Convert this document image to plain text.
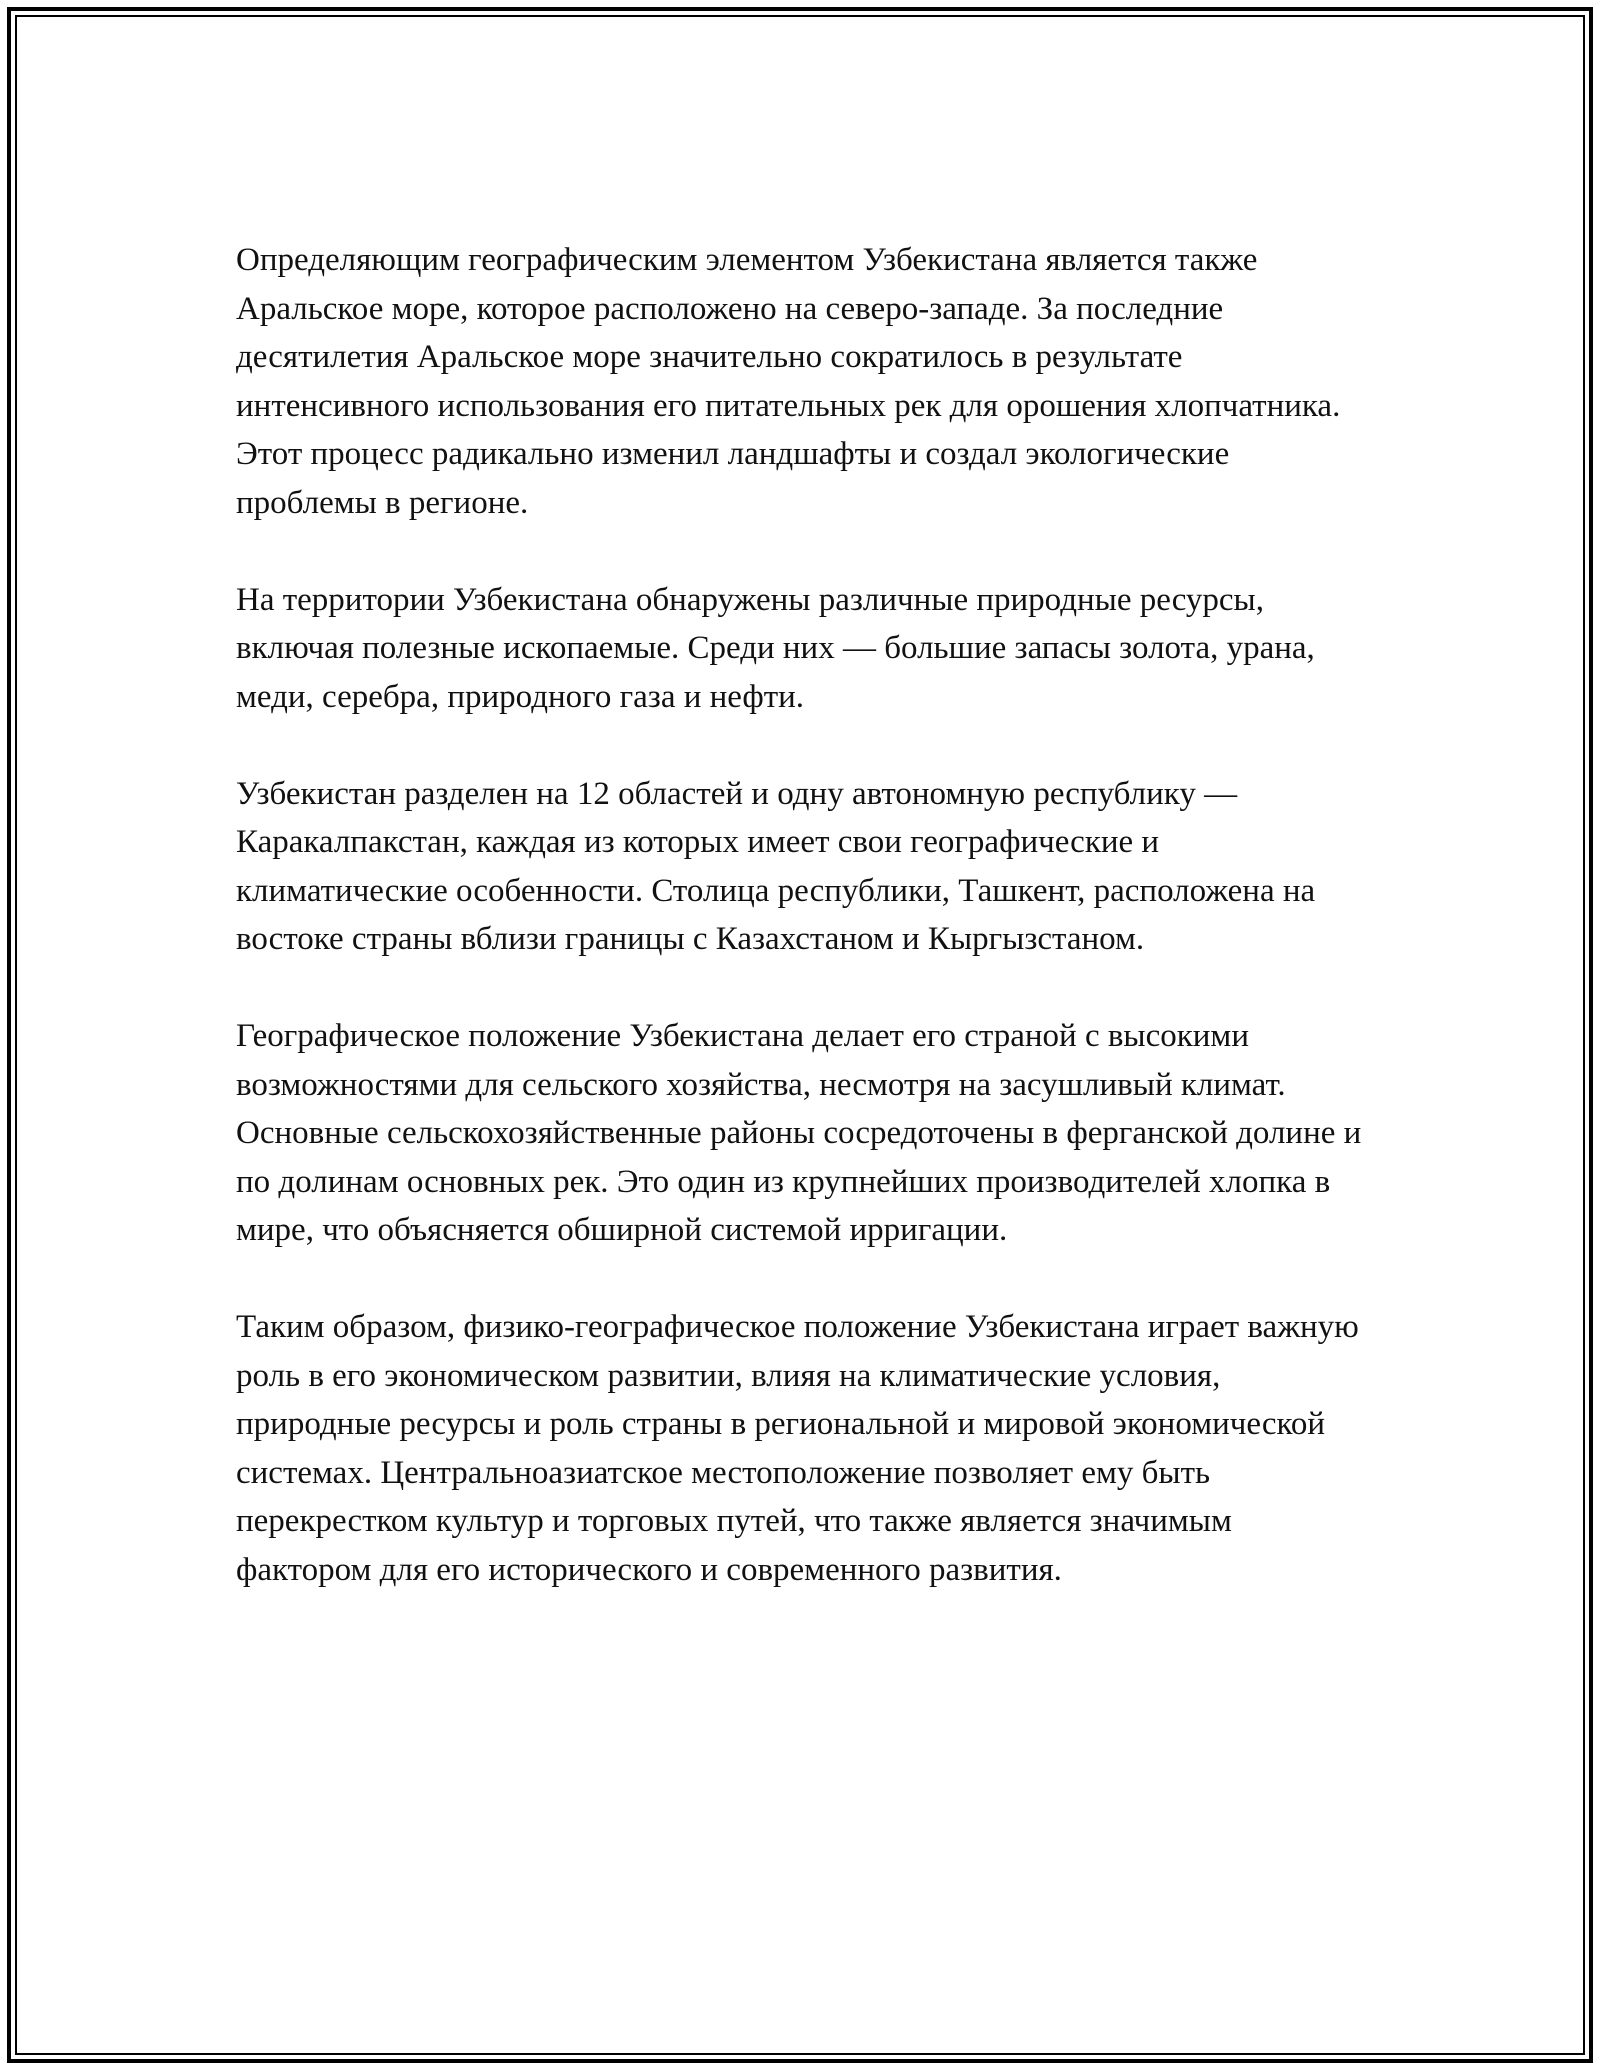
Определяющим географическим элементом Узбекистана является также Аральское море, которое расположено на северо-западе. За последние десятилетия Аральское море значительно сократилось в результате интенсивного использования его питательных рек для орошения хлопчатника. Этот процесс радикально изменил ландшафты и создал экологические проблемы в регионе.

На территории Узбекистана обнаружены различные природные ресурсы, включая полезные ископаемые. Среди них — большие запасы золота, урана, меди, серебра, природного газа и нефти.

Узбекистан разделен на 12 областей и одну автономную республику — Каракалпакстан, каждая из которых имеет свои географические и климатические особенности. Столица республики, Ташкент, расположена на востоке страны вблизи границы с Казахстаном и Кыргызстаном.

Географическое положение Узбекистана делает его страной с высокими возможностями для сельского хозяйства, несмотря на засушливый климат. Основные сельскохозяйственные районы сосредоточены в ферганской долине и по долинам основных рек. Это один из крупнейших производителей хлопка в мире, что объясняется обширной системой ирригации.

Таким образом, физико-географическое положение Узбекистана играет важную роль в его экономическом развитии, влияя на климатические условия, природные ресурсы и роль страны в региональной и мировой экономической системах. Центральноазиатское местоположение позволяет ему быть перекрестком культур и торговых путей, что также является значимым фактором для его исторического и современного развития.
